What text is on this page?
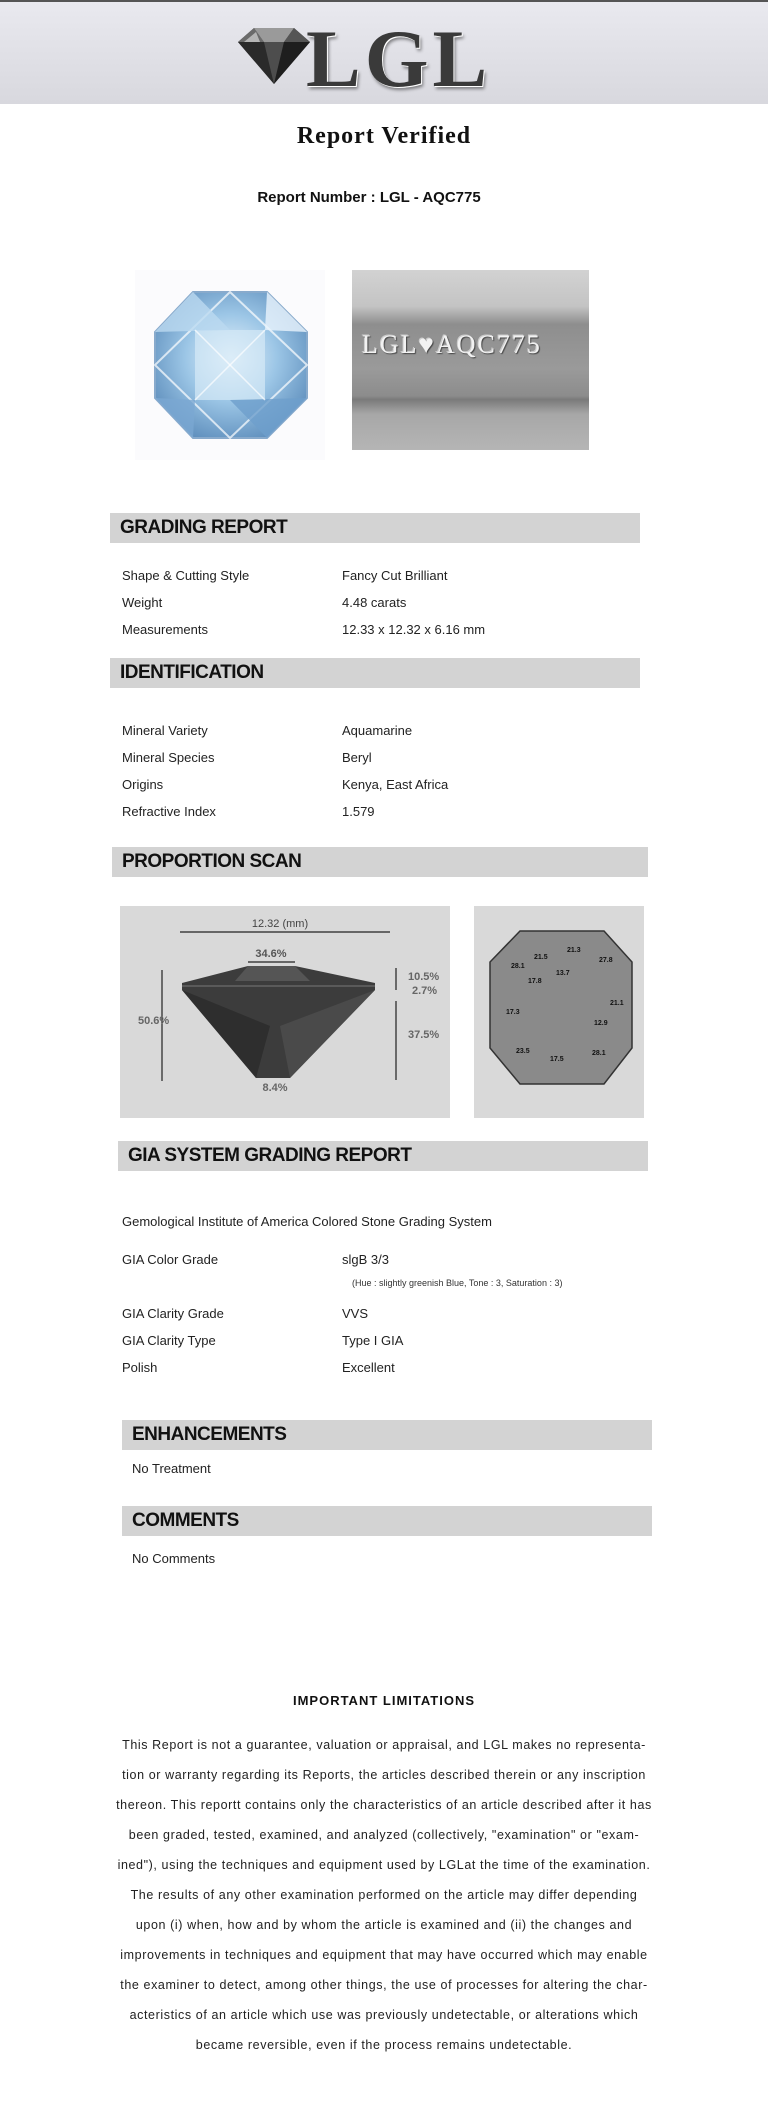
LGL
Report Verified
Report Number : LGL - AQC775
LGL♥AQC775
GRADING REPORT
Shape & Cutting Style	Fancy Cut Brilliant
Weight	4.48 carats
Measurements	12.33 x 12.32 x 6.16 mm
IDENTIFICATION
Mineral Variety	Aquamarine
Mineral Species	Beryl
Origins	Kenya, East Africa
Refractive Index	1.579
PROPORTION SCAN
12.32 (mm)
34.6%
50.6%
10.5%
2.7%
37.5%
8.4%
21.3
21.5	27.8
28.1
13.7
17.8
21.1
17.3
12.9
23.5
17.5
28.1
GIA SYSTEM GRADING REPORT
Gemological Institute of America Colored Stone Grading System
GIA Color Grade	slgB 3/3
(Hue : slightly greenish Blue, Tone : 3, Saturation : 3)
GIA Clarity Grade	VVS
GIA Clarity Type	Type I GIA
Polish	Excellent
ENHANCEMENTS
No Treatment
COMMENTS
No Comments
IMPORTANT LIMITATIONS
This Report is not a guarantee, valuation or appraisal, and LGL makes no representa-
tion or warranty regarding its Reports, the articles described therein or any inscription
thereon. This reportt contains only the characteristics of an article described after it has
been graded, tested, examined, and analyzed (collectively, "examination" or "exam-
ined"), using the techniques and equipment used by LGLat the time of the examination.
The results of any other examination performed on the article may differ depending
upon (i) when, how and by whom the article is examined and (ii) the changes and
improvements in techniques and equipment that may have occurred which may enable
the examiner to detect, among other things, the use of processes for altering the char-
acteristics of an article which use was previously undetectable, or alterations which
became reversible, even if the process remains undetectable.
